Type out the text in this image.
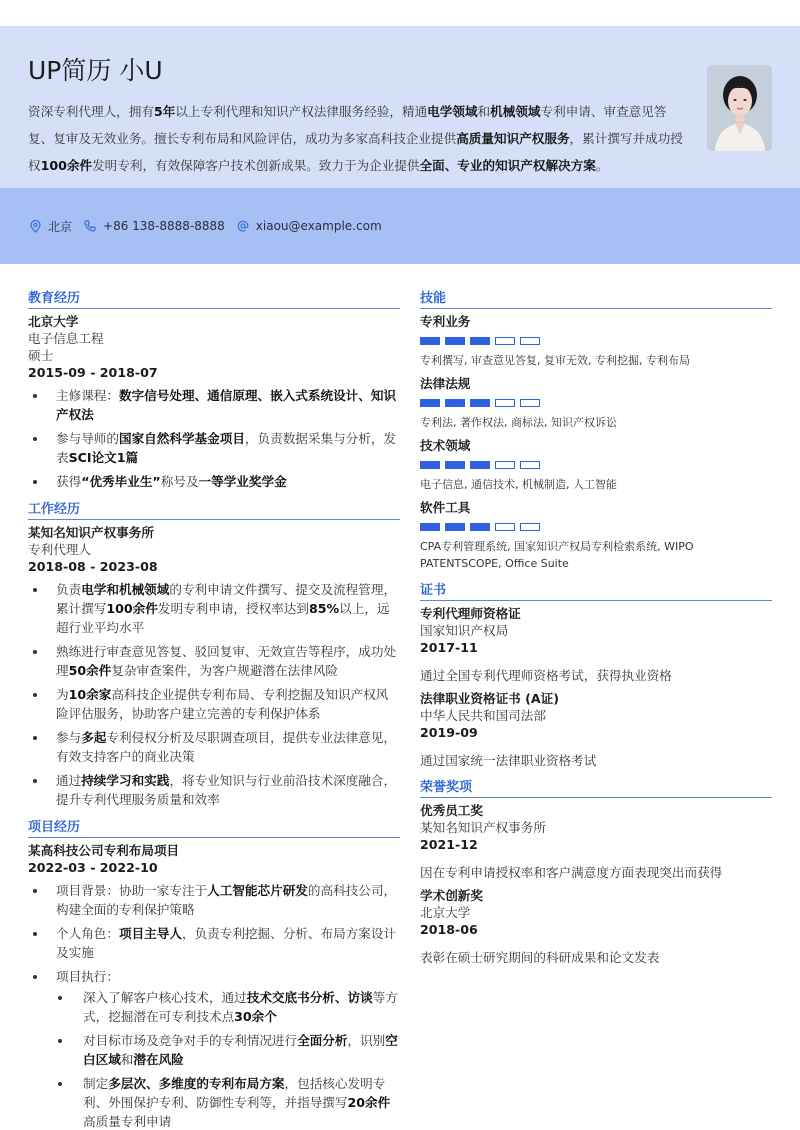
UP简历 小U
资深专利代理人，拥有5年以上专利代理和知识产权法律服务经验，精通电学领域和机械领域专利申请、审查意见答复、复审及无效业务。擅长专利布局和风险评估，成功为多家高科技企业提供高质量知识产权服务，累计撰写并成功授权100余件发明专利，有效保障客户技术创新成果。致力于为企业提供全面、专业的知识产权解决方案。
北京	+86 138-8888-8888	xiaou@example.com
教育经历
北京大学
电子信息工程
硕士
2015-09 - 2018-07
主修课程：数字信号处理、通信原理、嵌入式系统设计、知识产权法
参与导师的国家自然科学基金项目，负责数据采集与分析，发表SCI论文1篇
获得“优秀毕业生”称号及一等学业奖学金
工作经历
某知名知识产权事务所
专利代理人
2018-08 - 2023-08
负责电学和机械领域的专利申请文件撰写、提交及流程管理，累计撰写100余件发明专利申请，授权率达到85%以上，远超行业平均水平
熟练进行审查意见答复、驳回复审、无效宣告等程序，成功处理50余件复杂审查案件，为客户规避潜在法律风险
为10余家高科技企业提供专利布局、专利挖掘及知识产权风险评估服务，协助客户建立完善的专利保护体系
参与多起专利侵权分析及尽职调查项目，提供专业法律意见，有效支持客户的商业决策
通过持续学习和实践，将专业知识与行业前沿技术深度融合，提升专利代理服务质量和效率
项目经历
某高科技公司专利布局项目
2022-03 - 2022-10
项目背景：协助一家专注于人工智能芯片研发的高科技公司，构建全面的专利保护策略
个人角色：项目主导人，负责专利挖掘、分析、布局方案设计及实施
项目执行：
深入了解客户核心技术，通过技术交底书分析、访谈等方式，挖掘潜在可专利技术点30余个
对目标市场及竞争对手的专利情况进行全面分析，识别空白区域和潜在风险
制定多层次、多维度的专利布局方案，包括核心发明专利、外围保护专利、防御性专利等，并指导撰写20余件高质量专利申请
技能
专利业务
专利撰写, 审查意见答复, 复审无效, 专利挖掘, 专利布局
法律法规
专利法, 著作权法, 商标法, 知识产权诉讼
技术领域
电子信息, 通信技术, 机械制造, 人工智能
软件工具
CPA专利管理系统, 国家知识产权局专利检索系统, WIPO PATENTSCOPE, Office Suite
证书
专利代理师资格证
国家知识产权局
2017-11
通过全国专利代理师资格考试，获得执业资格
法律职业资格证书 (A证)
中华人民共和国司法部
2019-09
通过国家统一法律职业资格考试
荣誉奖项
优秀员工奖
某知名知识产权事务所
2021-12
因在专利申请授权率和客户满意度方面表现突出而获得
学术创新奖
北京大学
2018-06
表彰在硕士研究期间的科研成果和论文发表
